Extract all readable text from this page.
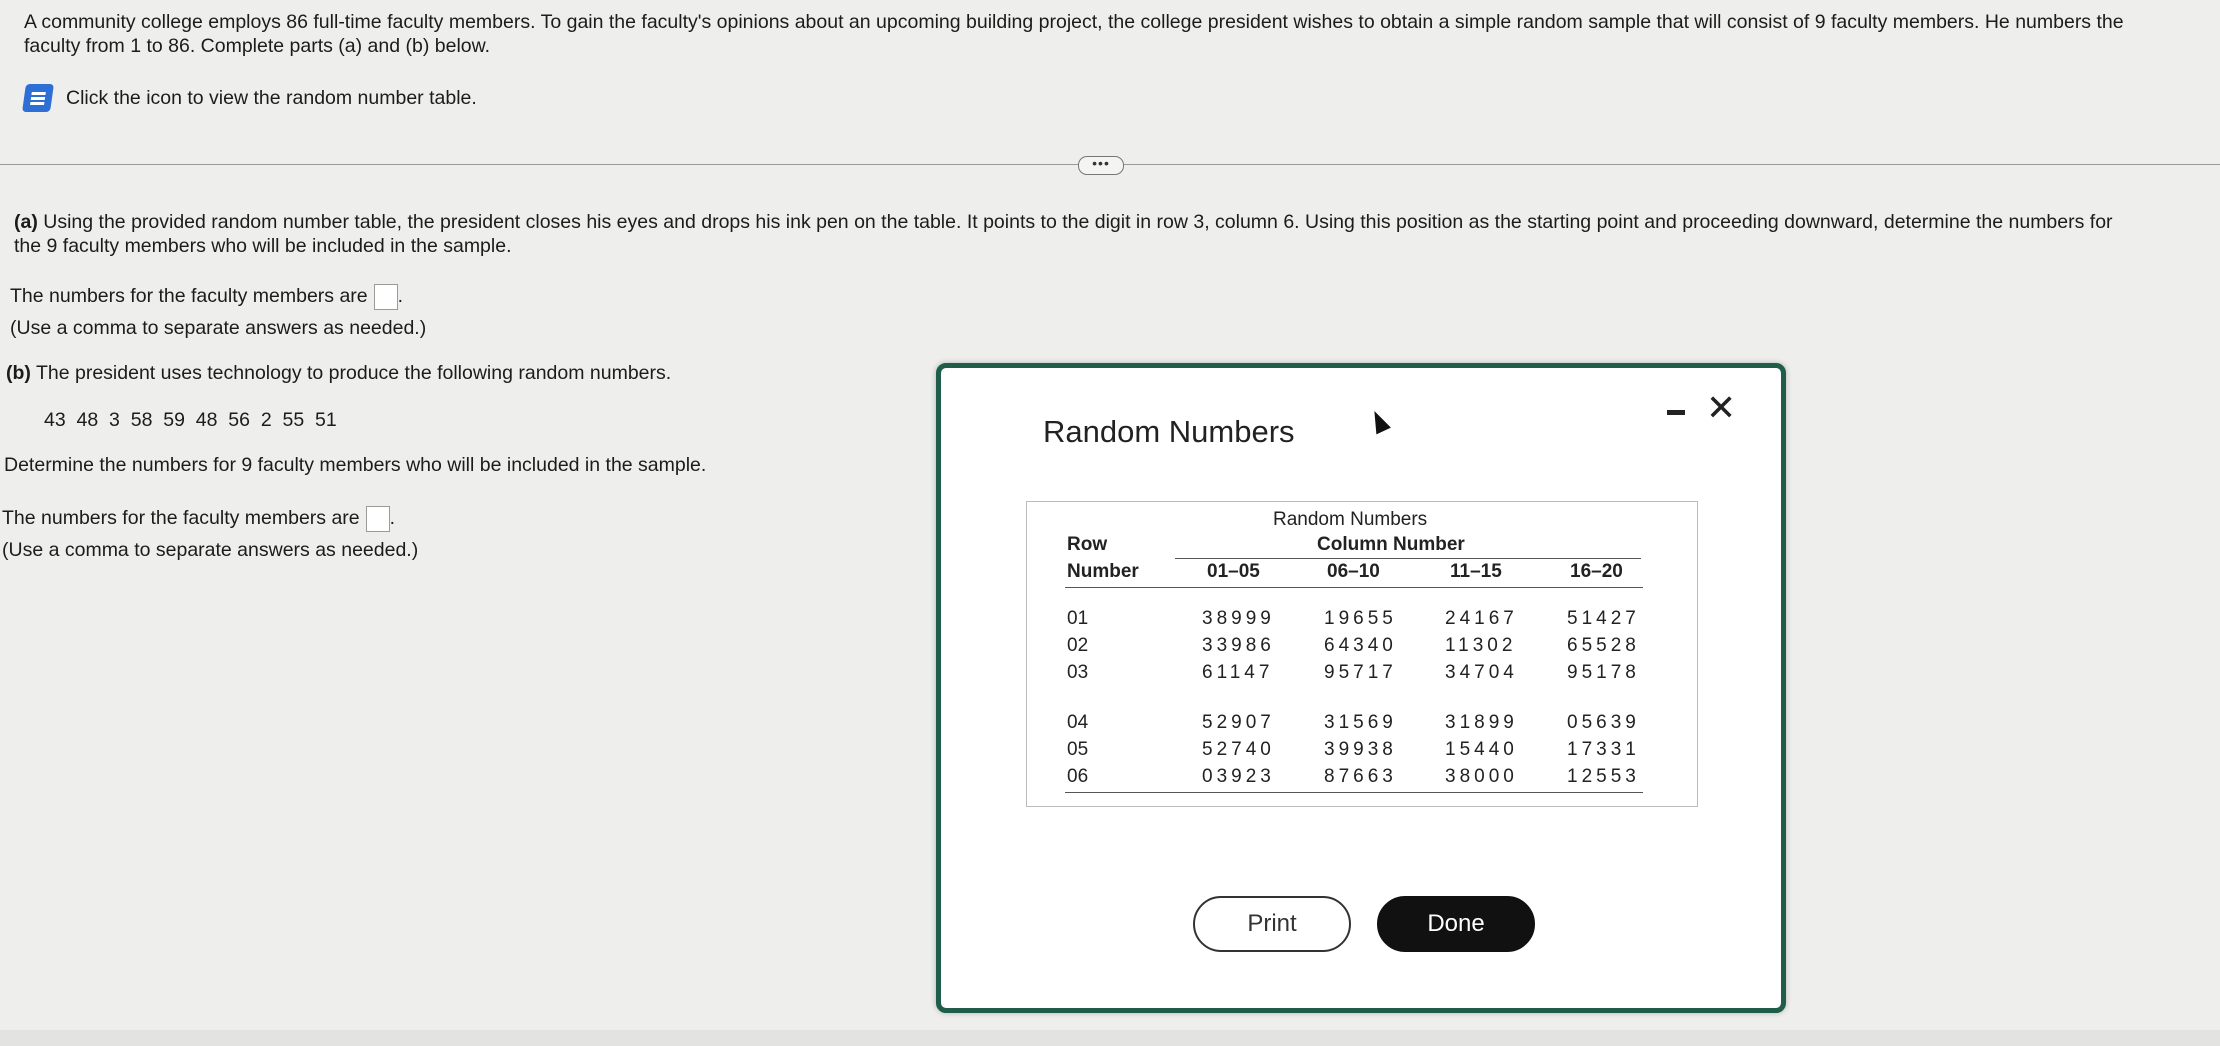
A community college employs 86 full-time faculty members. To gain the faculty's opinions about an upcoming building project, the college president wishes to obtain a simple random sample that will consist of 9 faculty members. He numbers the
faculty from 1 to 86. Complete parts (a) and (b) below.
Click the icon to view the random number table.
•••
(a) Using the provided random number table, the president closes his eyes and drops his ink pen on the table. It points to the digit in row 3, column 6. Using this position as the starting point and proceeding downward, determine the numbers for
the 9 faculty members who will be included in the sample.
The numbers for the faculty members are .
(Use a comma to separate answers as needed.)
(b) The president uses technology to produce the following random numbers.
43  48  3  58  59  48  56  2  55  51
Determine the numbers for 9 faculty members who will be included in the sample.
The numbers for the faculty members are .
(Use a comma to separate answers as needed.)
Random Numbers
✕
Random Numbers
Column Number
Row
Number	01–05	06–10	11–15	16–20
01	38999	19655	24167	51427
02	33986	64340	11302	65528
03	61147	95717	34704	95178
04	52907	31569	31899	05639
05	52740	39938	15440	17331
06	03923	87663	38000	12553
Print	Done
